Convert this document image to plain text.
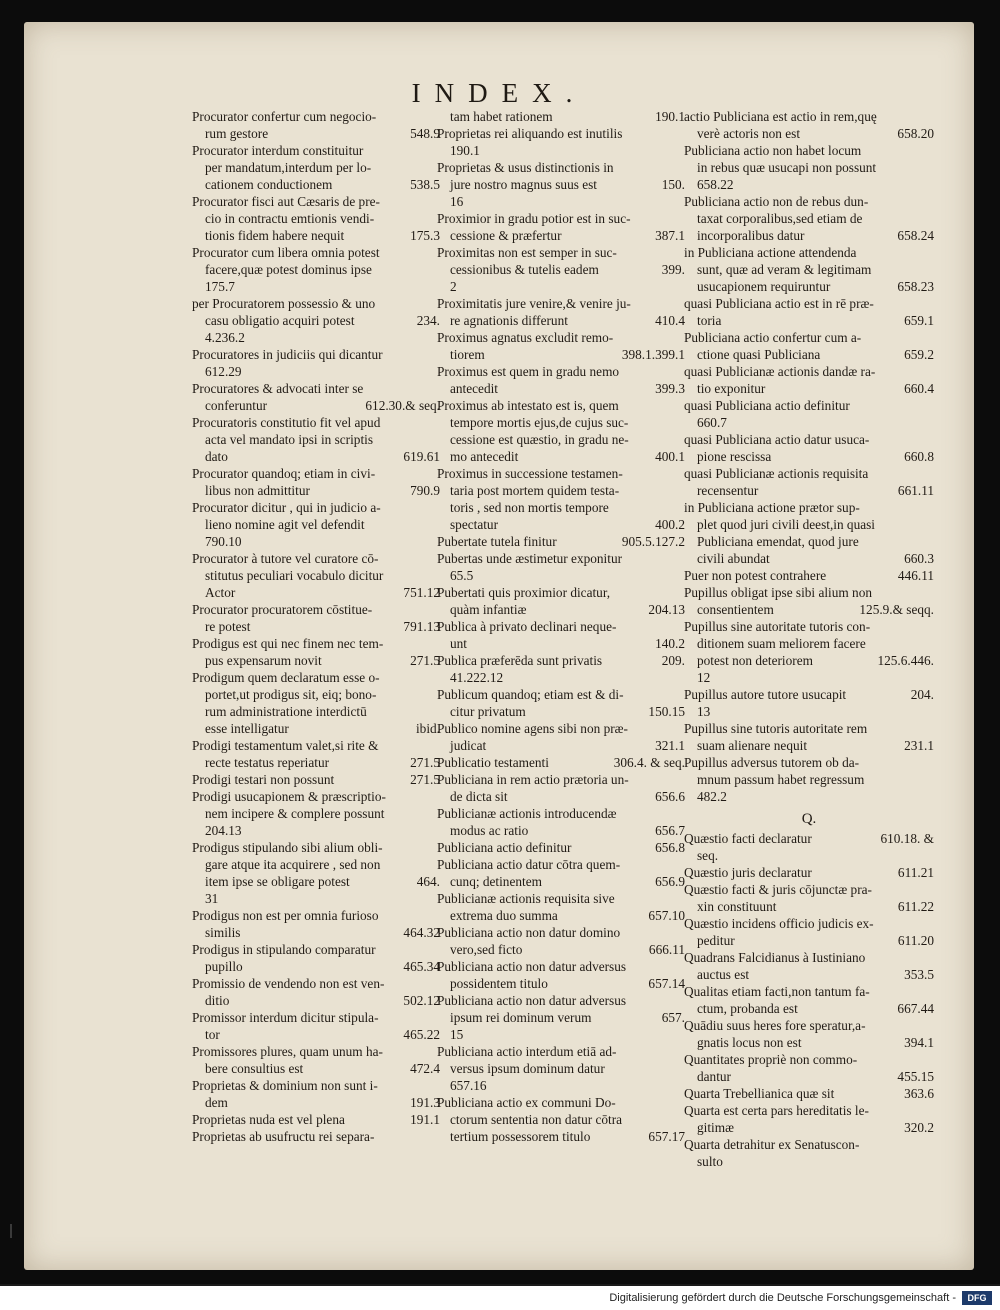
INDEX.
Procurator confertur cum negocio-
548.9
rum gestore
Procurator interdum constituitur
per mandatum,interdum per lo-
538.5
cationem conductionem
Procurator fisci aut Cæsaris de pre-
cio in contractu emtionis vendi-
175.3
tionis fidem habere nequit
Procurator cum libera omnia potest
facere,quæ potest dominus ipse
175.7
per Procuratorem possessio & uno
234.
casu obligatio acquiri potest
4.236.2
Procuratores in judiciis qui dicantur
612.29
Procuratores & advocati inter se
612.30.& seq.
conferuntur
Procuratoris constitutio fit vel apud
acta vel mandato ipsi in scriptis
619.61
dato
Procurator quandoq; etiam in civi-
790.9
libus non admittitur
Procurator dicitur , qui in judicio a-
lieno nomine agit vel defendit
790.10
Procurator à tutore vel curatore cō-
stitutus peculiari vocabulo dicitur
751.12
Actor
Procurator procuratorem cōstitue-
791.13
re potest
Prodigus est qui nec finem nec tem-
271.5
pus expensarum novit
Prodigum quem declaratum esse o-
portet,ut prodigus sit, eiq; bono-
rum administratione interdictū
ibid.
esse intelligatur
Prodigi testamentum valet,si rite &
271.5
recte testatus reperiatur
271.5
Prodigi testari non possunt
Prodigi usucapionem & præscriptio-
nem incipere & complere possunt
204.13
Prodigus stipulando sibi alium obli-
gare atque ita acquirere , sed non
464.
item ipse se obligare potest
31
Prodigus non est per omnia furioso
464.32
similis
Prodigus in stipulando comparatur
465.34
pupillo
Promissio de vendendo non est ven-
502.12
ditio
Promissor interdum dicitur stipula-
465.22
tor
Promissores plures, quam unum ha-
472.4
bere consultius est
Proprietas & dominium non sunt i-
191.3
dem
191.1
Proprietas nuda est vel plena
Proprietas ab usufructu rei separa-
190.1
tam habet rationem
Proprietas rei aliquando est inutilis
190.1
Proprietas & usus distinctionis in
150.
jure nostro magnus suus est
16
Proximior in gradu potior est in suc-
387.1
cessione & præfertur
Proximitas non est semper in suc-
399.
cessionibus & tutelis eadem
2
Proximitatis jure venire,& venire ju-
410.4
re agnationis differunt
Proximus agnatus excludit remo-
398.1.399.1
tiorem
Proximus est quem in gradu nemo
399.3
antecedit
Proximus ab intestato est is, quem
tempore mortis ejus,de cujus suc-
cessione est quæstio, in gradu ne-
400.1
mo antecedit
Proximus in successione testamen-
taria post mortem quidem testa-
toris , sed non mortis tempore
400.2
spectatur
905.5.127.2
Pubertate tutela finitur
Pubertas unde æstimetur exponitur
65.5
Pubertati quis proximior dicatur,
204.13
quàm infantiæ
Publica à privato declinari neque-
140.2
unt
209.
Publica præferēda sunt privatis
41.222.12
Publicum quandoq; etiam est & di-
150.15
citur privatum
Publico nomine agens sibi non præ-
321.1
judicat
306.4. & seq.
Publicatio testamenti
Publiciana in rem actio prætoria un-
656.6
de dicta sit
Publicianæ actionis introducendæ
656.7
modus ac ratio
656.8
Publiciana actio definitur
Publiciana actio datur cōtra quem-
656.9
cunq; detinentem
Publicianæ actionis requisita sive
657.10
extrema duo summa
Publiciana actio non datur domino
666.11
vero,sed ficto
Publiciana actio non datur adversus
657.14
possidentem titulo
Publiciana actio non datur adversus
657.
ipsum rei dominum verum
15
Publiciana actio interdum etiā ad-
versus ipsum dominum datur
657.16
Publiciana actio ex communi Do-
ctorum sententia non datur cōtra
657.17
tertium possessorem titulo
actio Publiciana est actio in rem,quę
658.20
verè actoris non est
Publiciana actio non habet locum
in rebus quæ usucapi non possunt
658.22
Publiciana actio non de rebus dun-
taxat corporalibus,sed etiam de
658.24
incorporalibus datur
in Publiciana actione attendenda
sunt, quæ ad veram & legitimam
658.23
usucapionem requiruntur
quasi Publiciana actio est in rē præ-
659.1
toria
Publiciana actio confertur cum a-
659.2
ctione quasi Publiciana
quasi Publicianæ actionis dandæ ra-
660.4
tio exponitur
quasi Publiciana actio definitur
660.7
quasi Publiciana actio datur usuca-
660.8
pione rescissa
quasi Publicianæ actionis requisita
661.11
recensentur
in Publiciana actione prætor sup-
plet quod juri civili deest,in quasi
Publiciana emendat, quod jure
660.3
civili abundat
446.11
Puer non potest contrahere
Pupillus obligat ipse sibi alium non
125.9.& seqq.
consentientem
Pupillus sine autoritate tutoris con-
ditionem suam meliorem facere
125.6.446.
potest non deteriorem
12
204.
Pupillus autore tutore usucapit
13
Pupillus sine tutoris autoritate rem
231.1
suam alienare nequit
Pupillus adversus tutorem ob da-
mnum passum habet regressum
482.2
Q.
610.18. &
Quæstio facti declaratur
seq.
611.21
Quæstio juris declaratur
Quæstio facti & juris cōjunctæ pra-
611.22
xin constituunt
Quæstio incidens officio judicis ex-
611.20
peditur
Quadrans Falcidianus à Iustiniano
353.5
auctus est
Qualitas etiam facti,non tantum fa-
667.44
ctum, probanda est
Quādiu suus heres fore speratur,a-
394.1
gnatis locus non est
Quantitates propriè non commo-
455.15
dantur
363.6
Quarta Trebellianica quæ sit
Quarta est certa pars hereditatis le-
320.2
gitimæ
Quarta detrahitur ex Senatuscon-
sulto
Digitalisierung gefördert durch die Deutsche Forschungsgemeinschaft -	DFG
